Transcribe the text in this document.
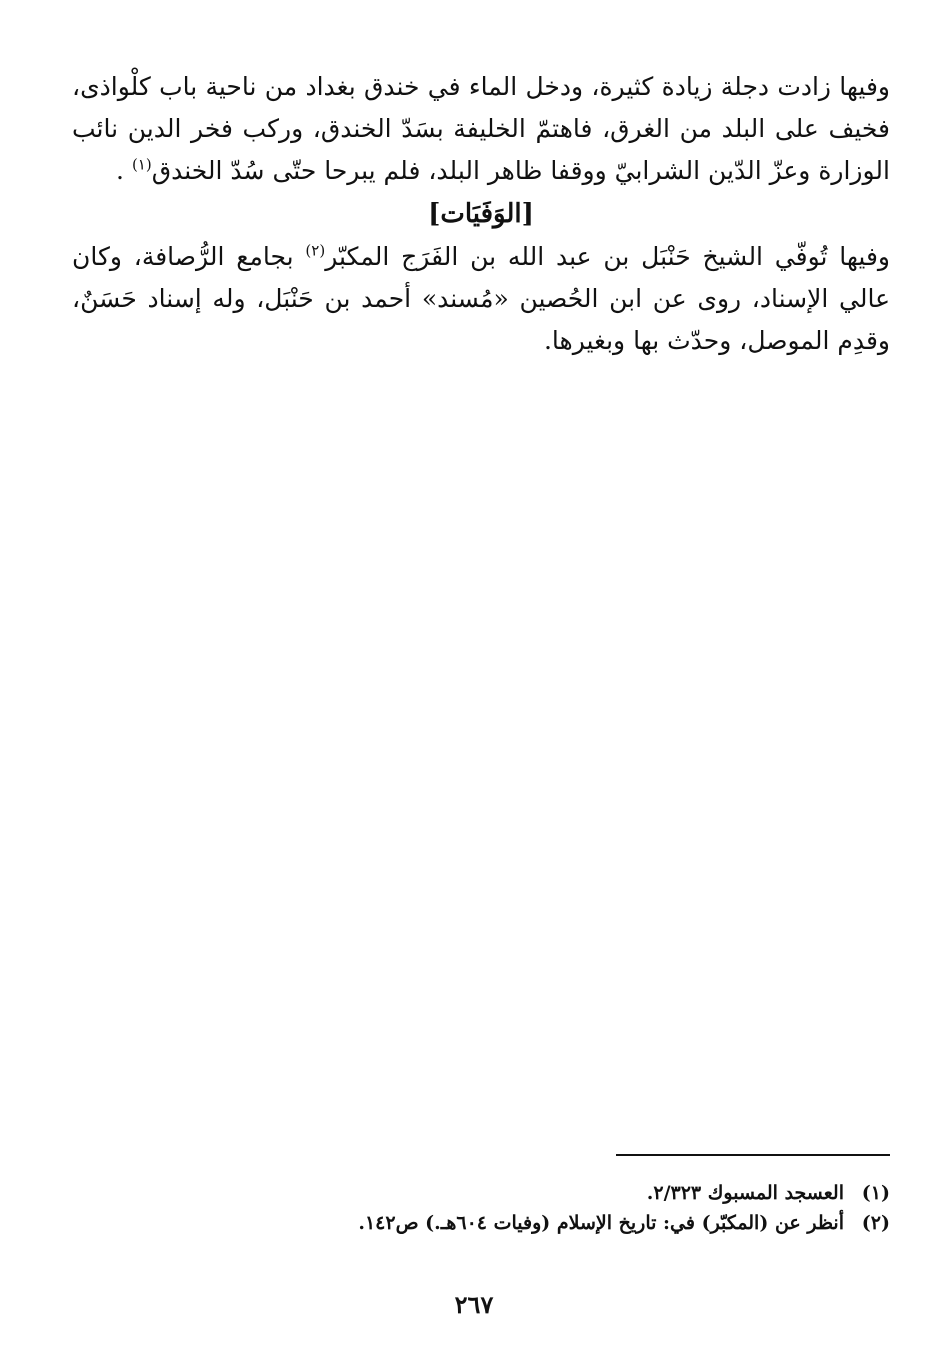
وفيها زادت دجلة زيادة كثيرة، ودخل الماء في خندق بغداد من ناحية باب كلْواذى، فخيف على البلد من الغرق، فاهتمّ الخليفة بسَدّ الخندق، وركب فخر الدين نائب الوزارة وعزّ الدّين الشرابيّ ووقفا ظاهر البلد، فلم يبرحا حتّى سُدّ الخندق$^{(١)}$ .

[الوَفَيَات]

وفيها تُوفّي الشيخ حَنْبَل بن عبد الله بن الفَرَج المكبّر$^{(٢)}$ بجامع الرُّصافة، وكان عالي الإسناد، روى عن ابن الحُصين «مُسند» أحمد بن حَنْبَل، وله إسناد حَسَنٌ، وقدِم الموصل، وحدّث بها وبغيرها.

(١)
العسجد المسبوك ٢/٣٢٣.
(٢)
أنظر عن (المكبّر) في: تاريخ الإسلام (وفيات ٦٠٤هـ.) ص١٤٢.
٢٦٧
